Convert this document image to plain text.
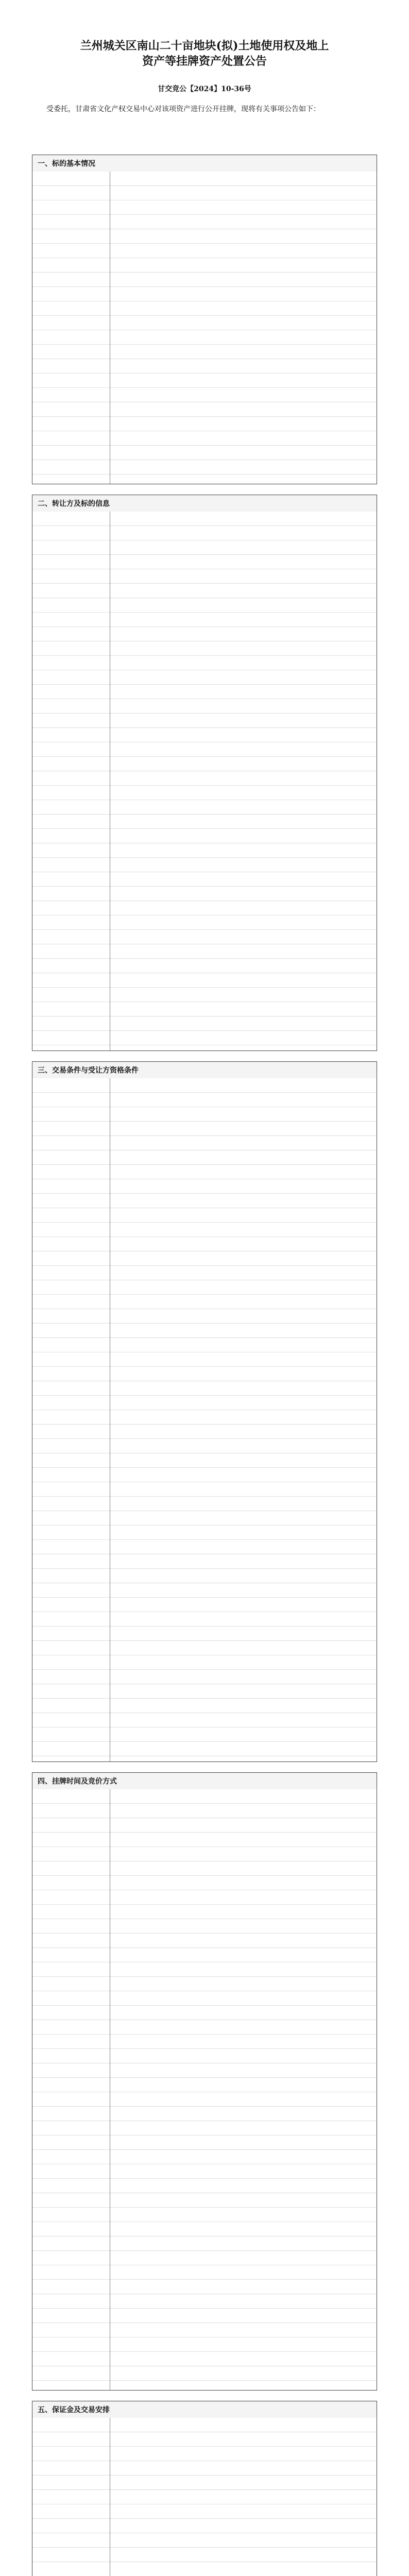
兰州城关区南山二十亩地块(拟)土地使用权及地上资产等挂牌资产处置公告
甘交竞公【2024】10-36号
受委托，甘肃省文化产权交易中心对该项资产进行公开挂牌，现将有关事项公告如下：
一、标的基本情况
二、转让方及标的信息
三、交易条件与受让方资格条件
四、挂牌时间及竞价方式
五、保证金及交易安排
